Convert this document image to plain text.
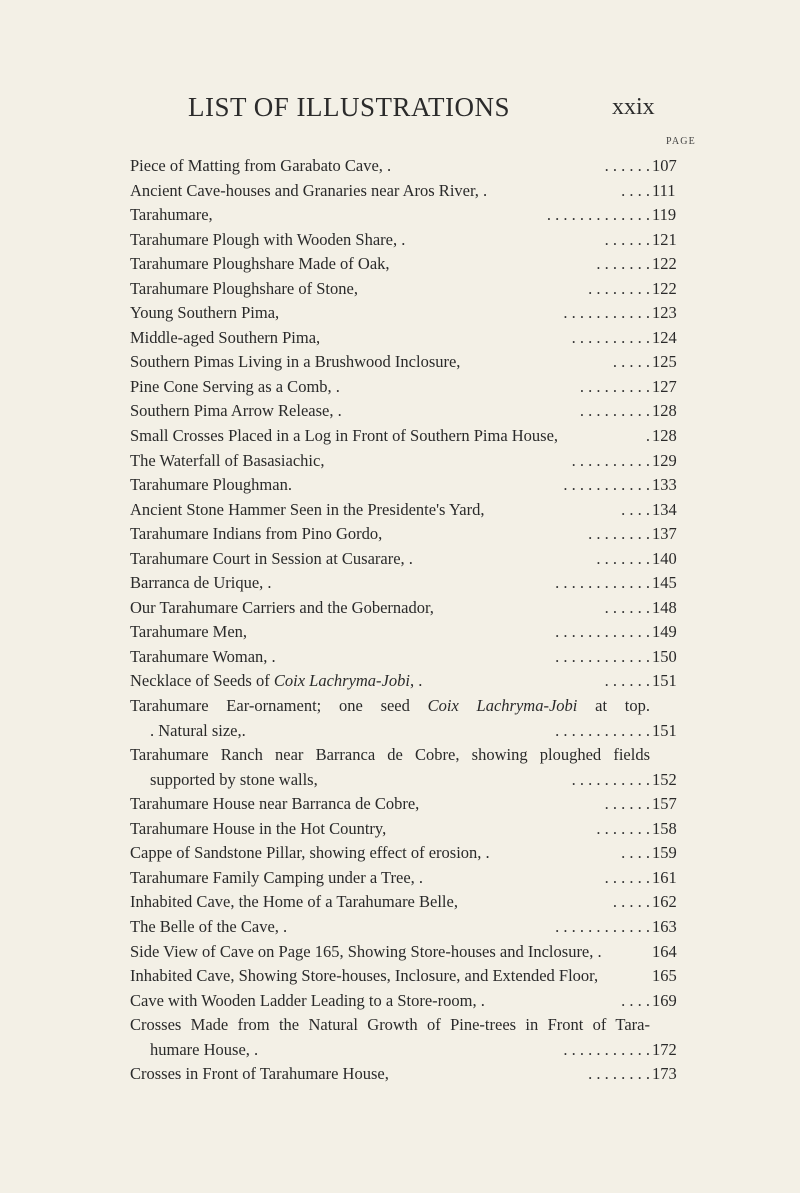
LIST OF ILLUSTRATIONS	xxix
PAGE
Piece of Matting from Garabato Cave, .	. . . . . . 107
Ancient Cave-houses and Granaries near Aros River, .	. . . . 111
Tarahumare,	. . . . . . . . . . . . . 119
Tarahumare Plough with Wooden Share, .	. . . . . . 121
Tarahumare Ploughshare Made of Oak,	. . . . . . . 122
Tarahumare Ploughshare of Stone,	. . . . . . . . 122
Young Southern Pima,	. . . . . . . . . . . 123
Middle-aged Southern Pima,	. . . . . . . . . . 124
Southern Pimas Living in a Brushwood Inclosure,	. . . . . 125
Pine Cone Serving as a Comb, .	. . . . . . . . . 127
Southern Pima Arrow Release, .	. . . . . . . . . 128
Small Crosses Placed in a Log in Front of Southern Pima House,	. 128
The Waterfall of Basasiachic,	. . . . . . . . . . 129
Tarahumare Ploughman.	. . . . . . . . . . . 133
Ancient Stone Hammer Seen in the Presidente's Yard,	. . . . 134
Tarahumare Indians from Pino Gordo,	. . . . . . . . 137
Tarahumare Court in Session at Cusarare, .	. . . . . . . 140
Barranca de Urique, .	. . . . . . . . . . . . 145
Our Tarahumare Carriers and the Gobernador,	. . . . . . 148
Tarahumare Men,	. . . . . . . . . . . . 149
Tarahumare Woman, .	. . . . . . . . . . . . 150
Necklace of Seeds of Coix Lachryma-Jobi, .	. . . . . . 151
Tarahumare Ear-ornament; one seed Coix Lachryma-Jobi at top.
. Natural size,.	. . . . . . . . . . . . 151
Tarahumare Ranch near Barranca de Cobre, showing ploughed fields
supported by stone walls,	. . . . . . . . . . 152
Tarahumare House near Barranca de Cobre,	. . . . . . 157
Tarahumare House in the Hot Country,	. . . . . . . 158
Cappe of Sandstone Pillar, showing effect of erosion, .	. . . . 159
Tarahumare Family Camping under a Tree, .	. . . . . . 161
Inhabited Cave, the Home of a Tarahumare Belle,	. . . . . 162
The Belle of the Cave, .	. . . . . . . . . . . . 163
Side View of Cave on Page 165, Showing Store-houses and Inclosure, .	164
Inhabited Cave, Showing Store-houses, Inclosure, and Extended Floor,	165
Cave with Wooden Ladder Leading to a Store-room, .	. . . . 169
Crosses Made from the Natural Growth of Pine-trees in Front of Tara-
humare House, .	. . . . . . . . . . . 172
Crosses in Front of Tarahumare House,	. . . . . . . . 173
